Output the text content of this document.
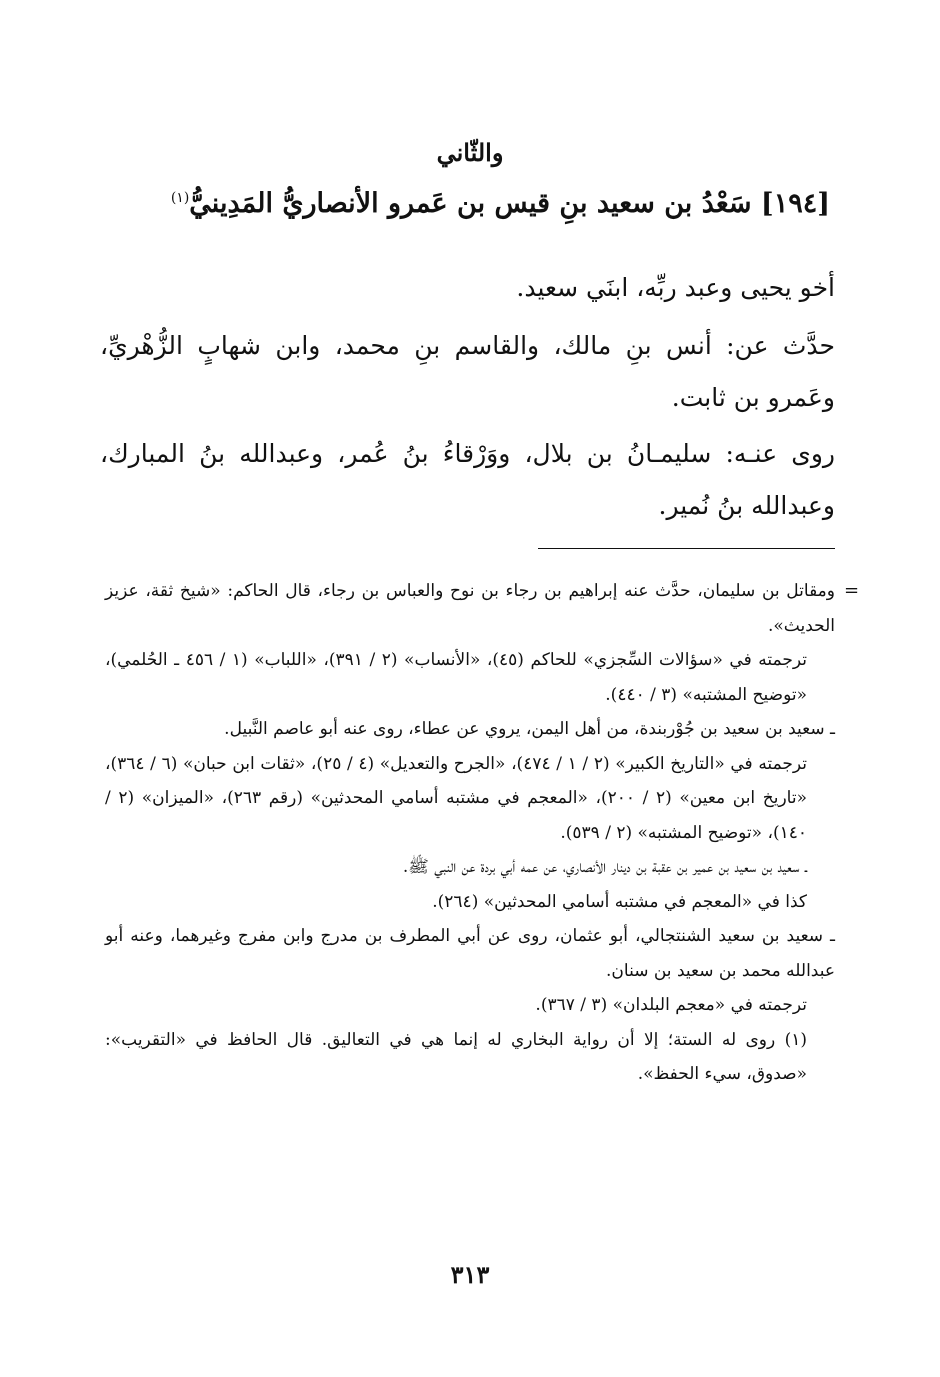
والثّاني
[١٩٤] سَعْدُ بن سعيد بنِ قيس بن عَمرو الأنصاريُّ المَدِينيُّ$^{(١)}$

أخو يحيى وعبد ربِّه، ابنَي سعيد.

حدَّث عن: أنس بنِ مالك، والقاسم بنِ محمد، وابن شهابٍ الزُّهْريِّ، وعَمرو بن ثابت.

روى عنـه: سليمـانُ بن بلال، ووَرْقاءُ بنُ عُمر، وعبدالله بنُ المبارك، وعبدالله بنُ نُمير.

=

ومقاتل بن سليمان، حدَّث عنه إبراهيم بن رجاء بن نوح والعباس بن رجاء، قال الحاكم: «شيخ ثقة، عزيز الحديث».

ترجمته في «سؤالات السِّجزي» للحاكم (٤٥)، «الأنساب» (٢ / ٣٩١)، «اللباب» (١ / ٤٥٦ ـ الحُلمي)، «توضيح المشتبه» (٣ / ٤٤٠).

ـ سعيد بن سعيد بن جُوْربندة، من أهل اليمن، يروي عن عطاء، روى عنه أبو عاصم النَّبيل.

ترجمته في «التاريخ الكبير» (٢ / ١ / ٤٧٤)، «الجرح والتعديل» (٤ / ٢٥)، «ثقات ابن حبان» (٦ / ٣٦٤)، «تاريخ ابن معين» (٢ / ٢٠٠)، «المعجم في مشتبه أسامي المحدثين» (رقم ٢٦٣)، «الميزان» (٢ / ١٤٠)، «توضيح المشتبه» (٢ / ٥٣٩).

ـ سعيد بن سعيد بن عمير بن عقبة بن دينار الأنصاري، عن عمه أبي بردة عن النبي ﷺ.

كذا في «المعجم في مشتبه أسامي المحدثين» (٢٦٤).

ـ سعيد بن سعيد الشنتجالي، أبو عثمان، روى عن أبي المطرف بن مدرج وابن مفرج وغيرهما، وعنه أبو عبدالله محمد بن سعيد بن سنان.

ترجمته في «معجم البلدان» (٣ / ٣٦٧).

(١) روى له الستة؛ إلا أن رواية البخاري له إنما هي في التعاليق. قال الحافظ في «التقريب»: «صدوق، سيء الحفظ».

٣١٣
